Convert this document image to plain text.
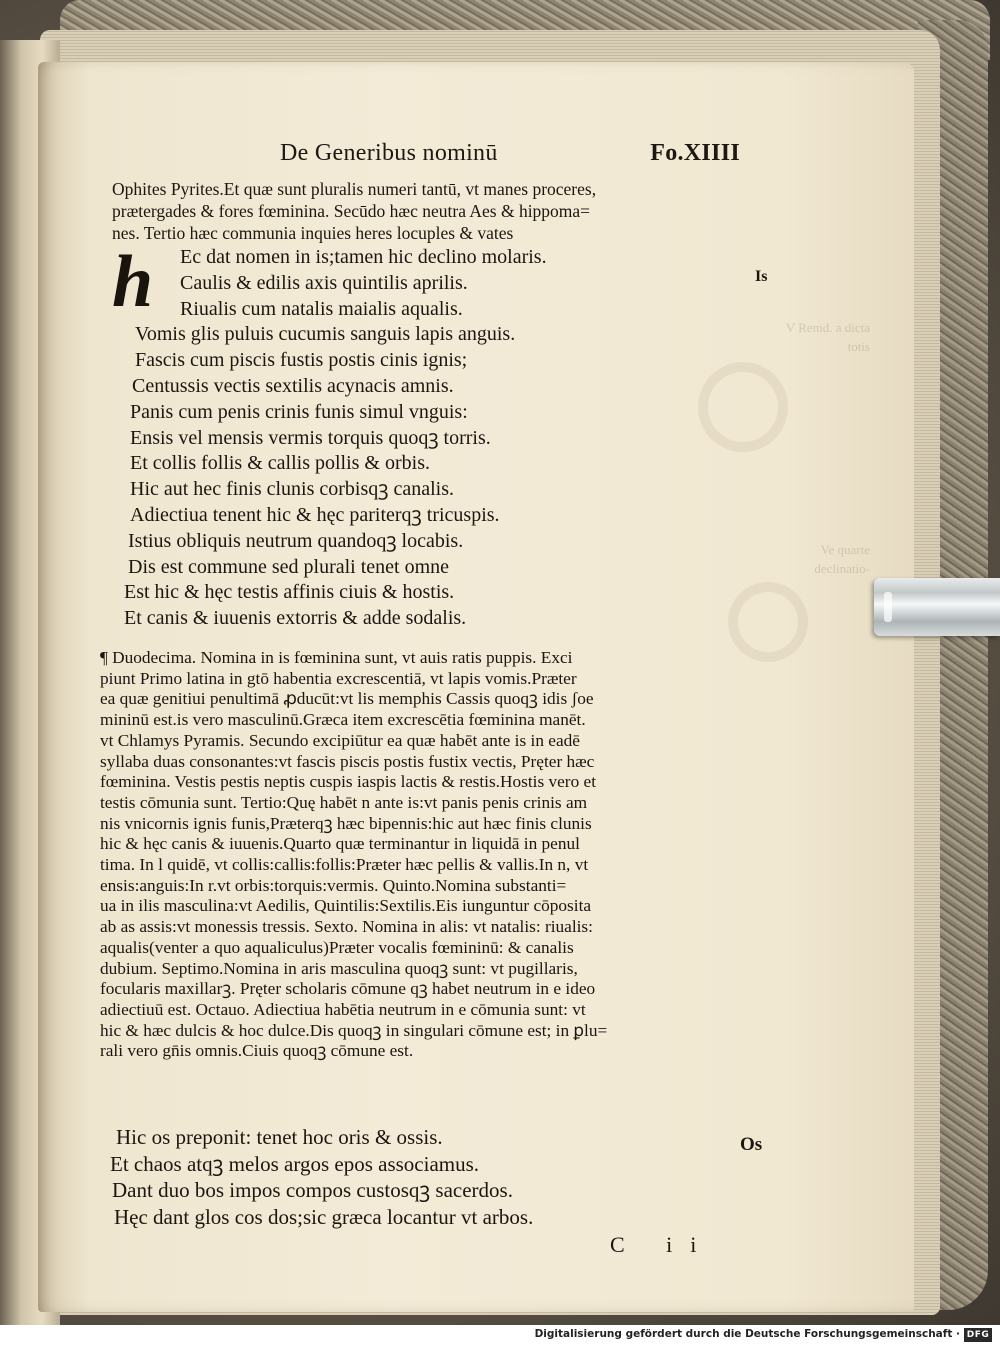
V Remd. a dicta totis
Ve quarte declinatio-
De Generibus nominū	Fo.XIIII
Ophites Pyrites.Et quæ sunt pluralis numeri tantū, vt manes proceres,
prætergades & fores fœminina. Secūdo hæc neutra Aes & hippoma=
nes. Tertio hæc communia inquies heres locuples & vates
h	Ec dat nomen in is;tamen hic declino molaris.
Caulis & edilis axis quintilis aprilis.
Riualis cum natalis maialis aqualis.
Vomis glis puluis cucumis sanguis lapis anguis.
Fascis cum piscis fustis postis cinis ignis;
Centussis vectis sextilis acynacis amnis.
Panis cum penis crinis funis simul vnguis:
Ensis vel mensis vermis torquis quoqꝫ torris.
Et collis follis & callis pollis & orbis.
Hic aut hec finis clunis corbisqꝫ canalis.
Adiectiua tenent hic & hęc pariterqꝫ tricuspis.
Istius obliquis neutrum quandoqꝫ locabis.
Dis est commune sed plurali tenet omne
Est hic & hęc testis affinis ciuis & hostis.
Et canis & iuuenis extorris & adde sodalis.
Is
¶ Duodecima. Nomina in is fœminina sunt, vt auis ratis puppis. Exci
piunt Primo latina in gtō habentia excrescentiā, vt lapis vomis.Præter
ea quæ genitiui penultimā ꝓducūt:vt lis memphis Cassis quoqꝫ idis ʃoe
mininū est.is vero masculinū.Græca item excrescētia fœminina manēt.
vt Chlamys Pyramis. Secundo excipiūtur ea quæ habēt ante is in eadē
syllaba duas consonantes:vt fascis piscis postis fustix vectis, Pręter hæc
fœminina. Vestis pestis neptis cuspis iaspis lactis & restis.Hostis vero et
testis cōmunia sunt. Tertio:Quę habēt n ante is:vt panis penis crinis am
nis vnicornis ignis funis,Præterqꝫ hæc bipennis:hic aut hæc finis clunis
hic & hęc canis & iuuenis.Quarto quæ terminantur in liquidā in penul
tima. In l quidē, vt collis:callis:follis:Præter hæc pellis & vallis.In n, vt
ensis:anguis:In r.vt orbis:torquis:vermis. Quinto.Nomina substanti=
ua in ilis masculina:vt Aedilis, Quintilis:Sextilis.Eis iunguntur cōposita
ab as assis:vt monessis tressis. Sexto. Nomina in alis: vt natalis: riualis:
aqualis(venter a quo aqualiculus)Præter vocalis fœmininū: & canalis
dubium. Septimo.Nomina in aris masculina quoqꝫ sunt: vt pugillaris,
focularis maxillarꝫ. Pręter scholaris cōmune qꝫ habet neutrum in e ideo
adiectiuū est. Octauo. Adiectiua habētia neutrum in e cōmunia sunt: vt
hic & hæc dulcis & hoc dulce.Dis quoqꝫ in singulari cōmune est; in ꝑlu=
rali vero gn̄is omnis.Ciuis quoqꝫ cōmune est.
Hic os preponit: tenet hoc oris & ossis.
Et chaos atqꝫ melos argos epos associamus.
Dant duo bos impos compos custosqꝫ sacerdos.
Hęc dant glos cos dos;sic græca locantur vt arbos.
Os
C ii
Digitalisierung gefördert durch die Deutsche Forschungsgemeinschaft · DFG
